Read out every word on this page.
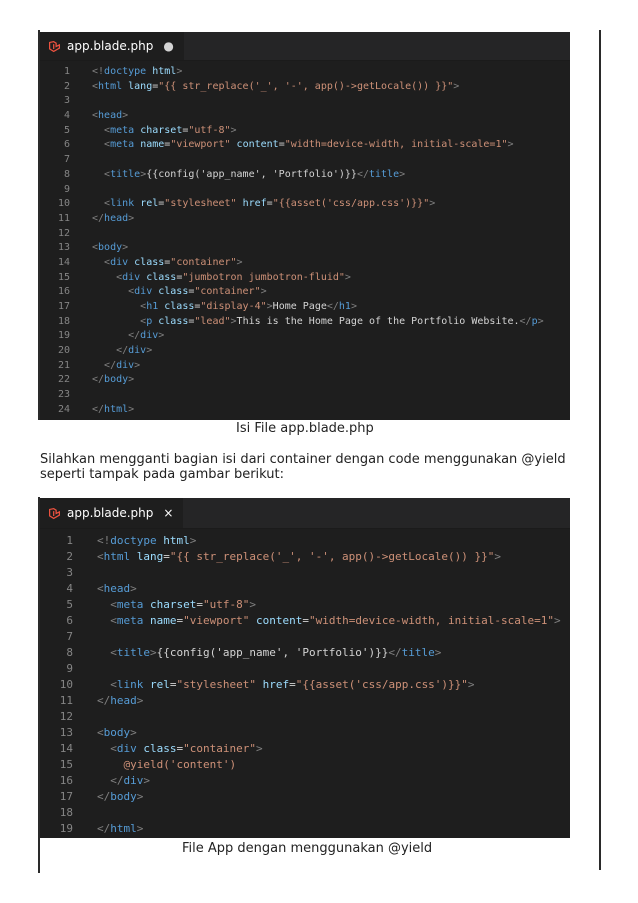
app.blade.php ●
1 <!doctype html>
2 <html lang="{{ str_replace('_', '-', app()->getLocale()) }}">
3
4 <head>
5	<meta charset="utf-8">
6	<meta name="viewport" content="width=device-width, initial-scale=1">
7
8	<title>{{config('app_name', 'Portfolio')}}</title>
9
10	<link rel="stylesheet" href="{{asset('css/app.css')}}">
11 </head>
12
13 <body>
14	<div class="container">
15	<div class="jumbotron jumbotron-fluid">
16	<div class="container">
17	<h1 class="display-4">Home Page</h1>
18	<p class="lead">This is the Home Page of the Portfolio Website.</p>
19	</div>
20	</div>
21	</div>
22 </body>
23
24 </html>
Isi File app.blade.php
Silahkan mengganti bagian isi dari container dengan code menggunakan @yield seperti tampak pada gambar berikut:
app.blade.php ×
1 <!doctype html>
2 <html lang="{{ str_replace('_', '-', app()->getLocale()) }}">
3
4 <head>
5	<meta charset="utf-8">
6	<meta name="viewport" content="width=device-width, initial-scale=1">
7
8	<title>{{config('app_name', 'Portfolio')}}</title>
9
10	<link rel="stylesheet" href="{{asset('css/app.css')}}">
11 </head>
12
13 <body>
14	<div class="container">
15	@yield('content')
16	</div>
17 </body>
18
19 </html>
File App dengan menggunakan @yield
